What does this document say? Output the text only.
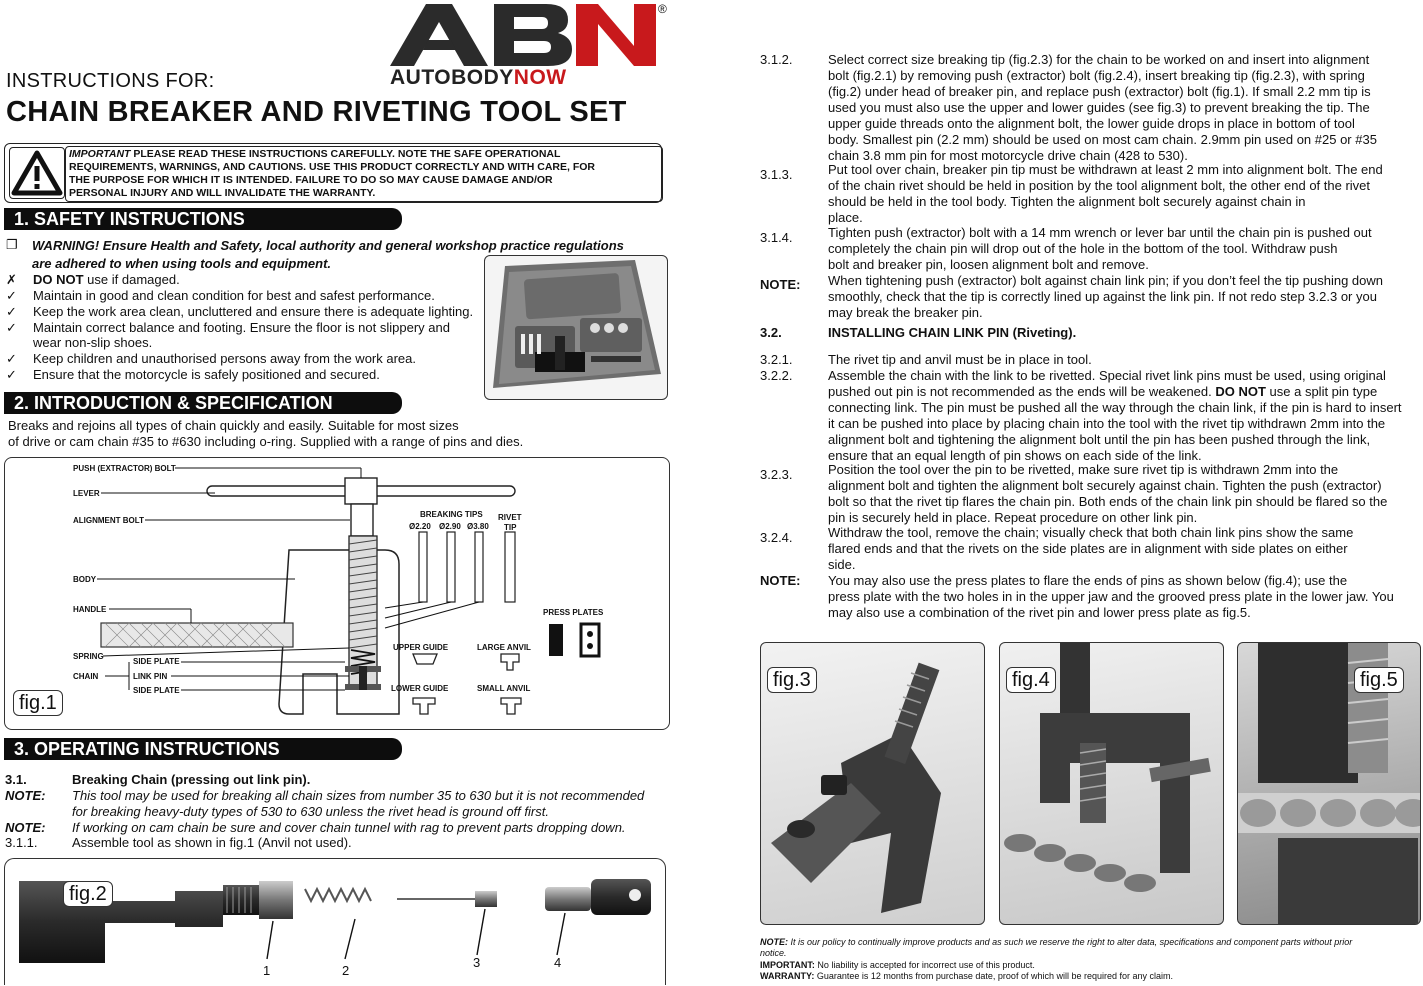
®
AUTOBODYNOW
INSTRUCTIONS FOR:
CHAIN BREAKER AND RIVETING TOOL SET
IMPORTANT PLEASE READ THESE INSTRUCTIONS CAREFULLY. NOTE THE SAFE OPERATIONAL
REQUIREMENTS, WARNINGS, AND CAUTIONS. USE THIS PRODUCT CORRECTLY AND WITH CARE, FOR
THE PURPOSE FOR WHICH IT IS INTENDED. FAILURE TO DO SO MAY CAUSE DAMAGE AND/OR
PERSONAL INJURY AND WILL INVALIDATE THE WARRANTY.
1. SAFETY INSTRUCTIONS
❐ WARNING! Ensure Health and Safety, local authority and general workshop practice regulations
are adhered to when using tools and equipment.
✗	DO NOT use if damaged.
✓	Maintain in good and clean condition for best and safest performance.
✓	Keep the work area clean, uncluttered and ensure there is adequate lighting.
✓	Maintain correct balance and footing. Ensure the floor is not slippery and
wear non-slip shoes.
✓	Keep children and unauthorised persons away from the work area.
✓	Ensure that the motorcycle is safely positioned and secured.
2. INTRODUCTION & SPECIFICATION
Breaks and rejoins all types of chain quickly and easily. Suitable for most sizes
of drive or cam chain #35 to #630 including o-ring. Supplied with a range of pins and dies.
PUSH (EXTRACTOR) BOLT
LEVER
ALIGNMENT BOLT
BODY
HANDLE
SPRING
CHAIN
SIDE PLATE
LINK PIN
SIDE PLATE
BREAKING TIPS
Ø2.20 Ø2.90 Ø3.80
RIVET
TIP
PRESS PLATES
UPPER GUIDE	LARGE ANVIL
LOWER GUIDE	SMALL ANVIL
fig.1
3. OPERATING INSTRUCTIONS
3.1.	Breaking Chain (pressing out link pin).
NOTE: This tool may be used for breaking all chain sizes from number 35 to 630 but it is not recommended
for breaking heavy-duty types of 530 to 630 unless the rivet head is ground off first.
NOTE: If working on cam chain be sure and cover chain tunnel with rag to prevent parts dropping down.
3.1.1.	Assemble tool as shown in fig.1 (Anvil not used).
fig.2
1	2
3	4
3.1.2.	Select correct size breaking tip (fig.2.3) for the chain to be worked on and insert into alignment
bolt (fig.2.1) by removing push (extractor) bolt (fig.2.4), insert breaking tip (fig.2.3), with spring
(fig.2) under head of breaker pin, and replace push (extractor) bolt (fig.1). If small 2.2 mm tip is
used you must also use the upper and lower guides (see fig.3) to prevent breaking the tip. The
upper guide threads onto the alignment bolt, the lower guide drops in place in bottom of tool
body. Smallest pin (2.2 mm) should be used on most cam chain. 2.9mm pin used on #25 or #35
chain 3.8 mm pin for most motorcycle drive chain (428 to 530).
3.1.3.	Put tool over chain, breaker pin tip must be withdrawn at least 2 mm into alignment bolt. The end
of the chain rivet should be held in position by the tool alignment bolt, the other end of the rivet
should be held in the tool body. Tighten the alignment bolt securely against chain in
place.
3.1.4.	Tighten push (extractor) bolt with a 14 mm wrench or lever bar until the chain pin is pushed out
completely the chain pin will drop out of the hole in the bottom of the tool. Withdraw push
bolt and breaker pin, loosen alignment bolt and remove.
NOTE: When tightening push (extractor) bolt against chain link pin; if you don’t feel the tip pushing down
smoothly, check that the tip is correctly lined up against the link pin. If not redo step 3.2.3 or you
may break the breaker pin.
3.2.	INSTALLING CHAIN LINK PIN (Riveting).
3.2.1.	The rivet tip and anvil must be in place in tool.
3.2.2.	Assemble the chain with the link to be rivetted. Special rivet link pins must be used, using original
pushed out pin is not recommended as the ends will be weakened. DO NOT use a split pin type
connecting link. The pin must be pushed all the way through the chain link, if the pin is hard to insert
it can be pushed into place by placing chain into the tool with the rivet tip withdrawn 2mm into the
alignment bolt and tightening the alignment bolt until the pin has been pushed through the link,
ensure that an equal length of pin shows on each side of the link.
3.2.3.	Position the tool over the pin to be rivetted, make sure rivet tip is withdrawn 2mm into the
alignment bolt and tighten the alignment bolt securely against chain. Tighten the push (extractor)
bolt so that the rivet tip flares the chain pin. Both ends of the chain link pin should be flared so the
pin is securely held in place. Repeat procedure on other link pin.
3.2.4.	Withdraw the tool, remove the chain; visually check that both chain link pins show the same
flared ends and that the rivets on the side plates are in alignment with side plates on either
side.
NOTE: You may also use the press plates to flare the ends of pins as shown below (fig.4); use the
press plate with the two holes in in the upper jaw and the grooved press plate in the lower jaw. You
may also use a combination of the rivet pin and lower press plate as fig.5.
fig.3	fig.4	fig.5
NOTE: It is our policy to continually improve products and as such we reserve the right to alter data, specifications and component parts without prior
notice.
IMPORTANT: No liability is accepted for incorrect use of this product.
WARRANTY: Guarantee is 12 months from purchase date, proof of which will be required for any claim.
